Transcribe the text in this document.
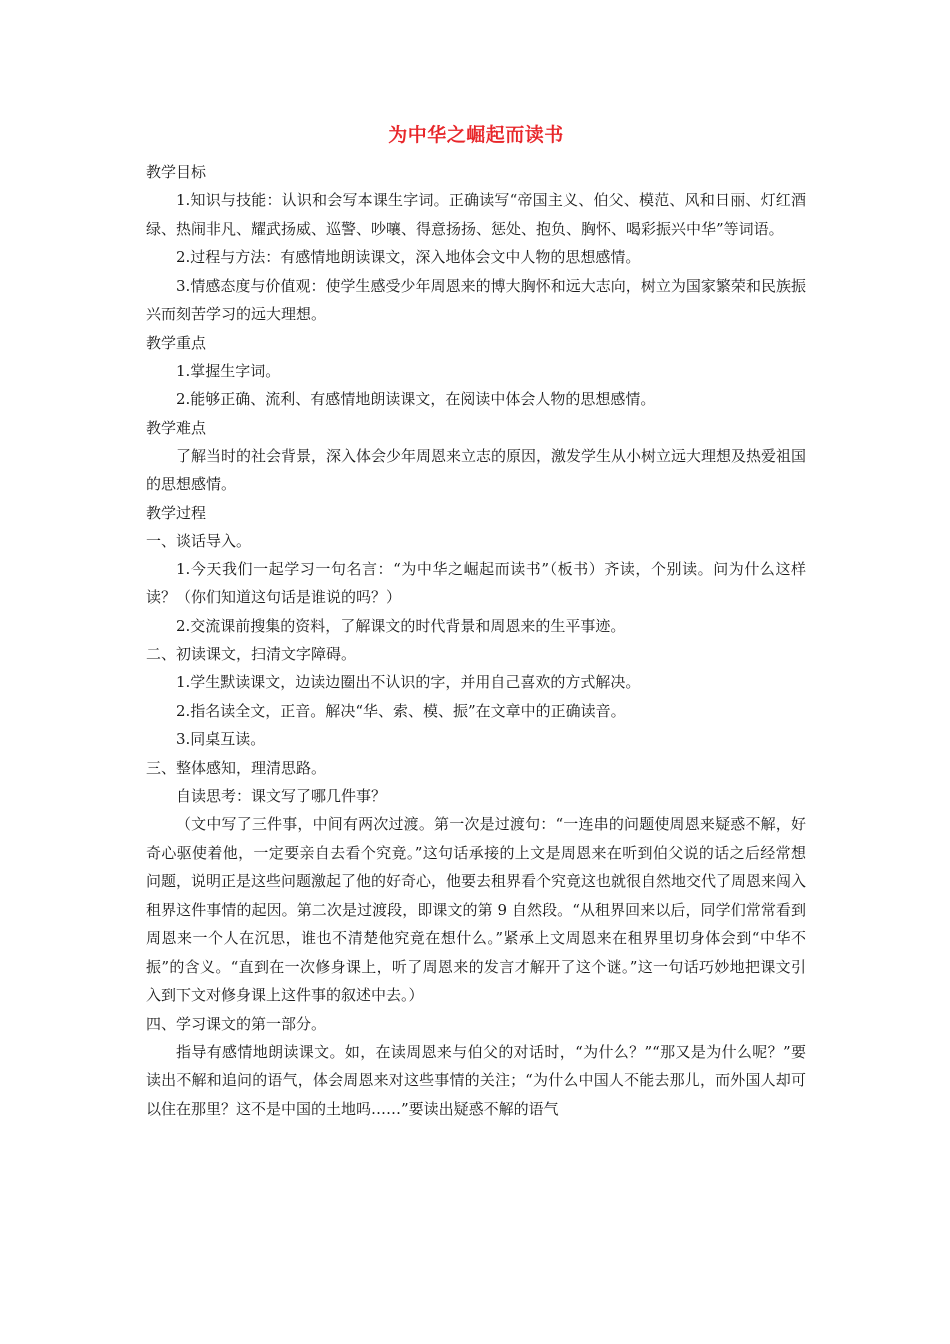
为中华之崛起而读书

教学目标

1.知识与技能：认识和会写本课生字词。正确读写“帝国主义、伯父、模范、风和日丽、灯红酒绿、热闹非凡、耀武扬威、巡警、吵嚷、得意扬扬、惩处、抱负、胸怀、喝彩振兴中华”等词语。

2.过程与方法：有感情地朗读课文，深入地体会文中人物的思想感情。

3.情感态度与价值观：使学生感受少年周恩来的博大胸怀和远大志向，树立为国家繁荣和民族振兴而刻苦学习的远大理想。

教学重点

1.掌握生字词。

2.能够正确、流利、有感情地朗读课文，在阅读中体会人物的思想感情。

教学难点

了解当时的社会背景，深入体会少年周恩来立志的原因，激发学生从小树立远大理想及热爱祖国的思想感情。

教学过程

一、谈话导入。

1.今天我们一起学习一句名言：“为中华之崛起而读书”（板书）齐读，个别读。问为什么这样读？（你们知道这句话是谁说的吗？）

2.交流课前搜集的资料，了解课文的时代背景和周恩来的生平事迹。

二、初读课文，扫清文字障碍。

1.学生默读课文，边读边圈出不认识的字，并用自己喜欢的方式解决。

2.指名读全文，正音。解决“华、索、模、振”在文章中的正确读音。

3.同桌互读。

三、整体感知，理清思路。

自读思考：课文写了哪几件事？

（文中写了三件事，中间有两次过渡。第一次是过渡句：“一连串的问题使周恩来疑惑不解，好奇心驱使着他，一定要亲自去看个究竟。”这句话承接的上文是周恩来在听到伯父说的话之后经常想问题，说明正是这些问题激起了他的好奇心，他要去租界看个究竟这也就很自然地交代了周恩来闯入租界这件事情的起因。第二次是过渡段，即课文的第 9 自然段。“从租界回来以后，同学们常常看到周恩来一个人在沉思，谁也不清楚他究竟在想什么。”紧承上文周恩来在租界里切身体会到“中华不振”的含义。“直到在一次修身课上，听了周恩来的发言才解开了这个谜。”这一句话巧妙地把课文引入到下文对修身课上这件事的叙述中去。）

四、学习课文的第一部分。

指导有感情地朗读课文。如，在读周恩来与伯父的对话时，“为什么？”“那又是为什么呢？”要读出不解和追问的语气，体会周恩来对这些事情的关注；“为什么中国人不能去那儿，而外国人却可以住在那里？这不是中国的土地吗……”要读出疑惑不解的语气
